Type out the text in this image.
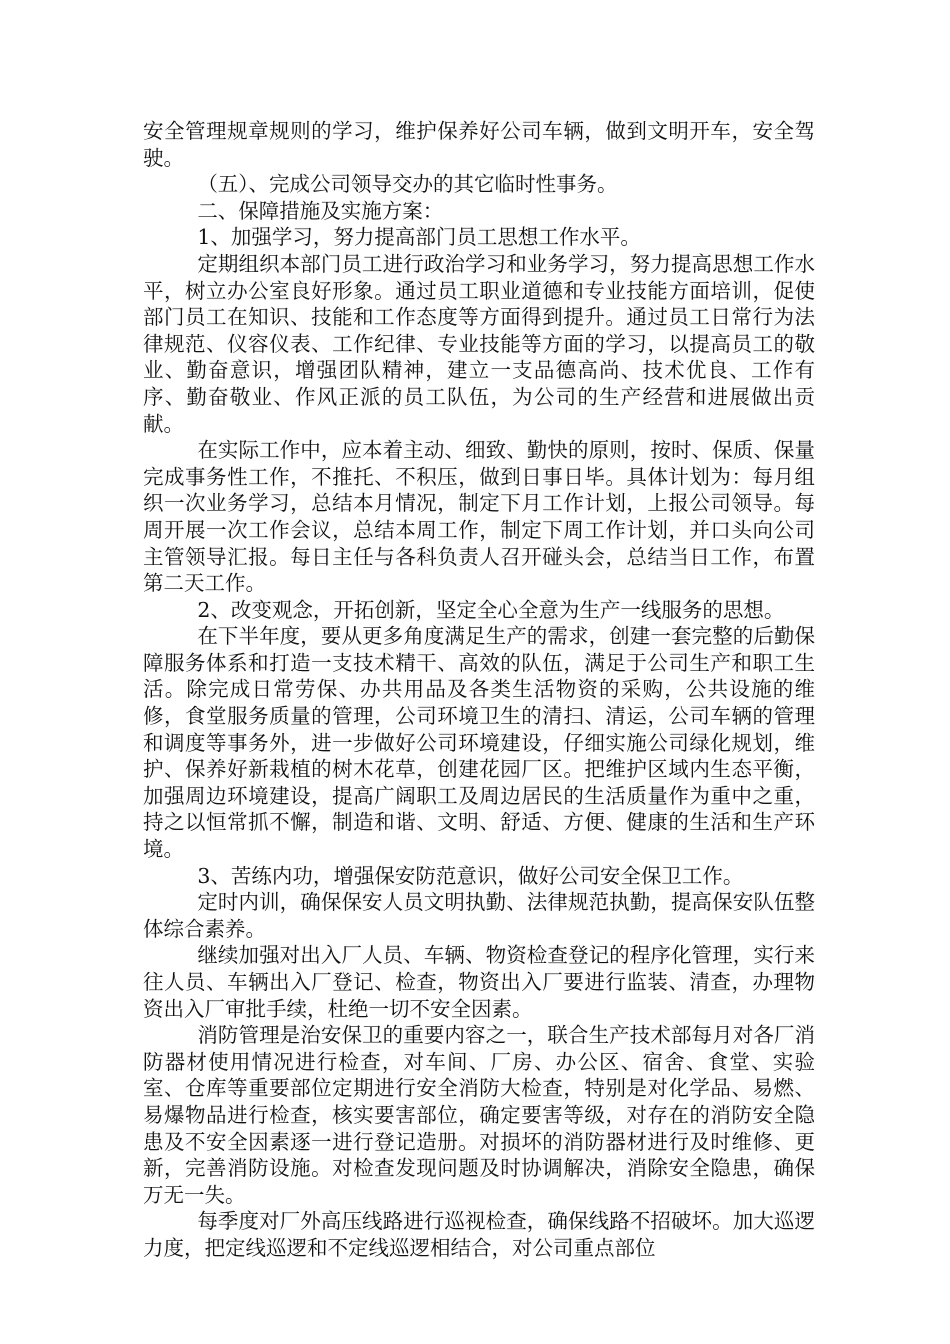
安全管理规章规则的学习，维护保养好公司车辆，做到文明开车，安全驾驶。

（五）、完成公司领导交办的其它临时性事务。

二、保障措施及实施方案：

1、加强学习，努力提高部门员工思想工作水平。

定期组织本部门员工进行政治学习和业务学习，努力提高思想工作水平，树立办公室良好形象。通过员工职业道德和专业技能方面培训，促使部门员工在知识、技能和工作态度等方面得到提升。通过员工日常行为法律规范、仪容仪表、工作纪律、专业技能等方面的学习，以提高员工的敬业、勤奋意识，增强团队精神，建立一支品德高尚、技术优良、工作有序、勤奋敬业、作风正派的员工队伍，为公司的生产经营和进展做出贡献。

在实际工作中，应本着主动、细致、勤快的原则，按时、保质、保量完成事务性工作，不推托、不积压，做到日事日毕。具体计划为：每月组织一次业务学习，总结本月情况，制定下月工作计划，上报公司领导。每周开展一次工作会议，总结本周工作，制定下周工作计划，并口头向公司主管领导汇报。每日主任与各科负责人召开碰头会，总结当日工作，布置第二天工作。

2、改变观念，开拓创新，坚定全心全意为生产一线服务的思想。

在下半年度，要从更多角度满足生产的需求，创建一套完整的后勤保障服务体系和打造一支技术精干、高效的队伍，满足于公司生产和职工生活。除完成日常劳保、办共用品及各类生活物资的采购，公共设施的维修，食堂服务质量的管理，公司环境卫生的清扫、清运，公司车辆的管理和调度等事务外，进一步做好公司环境建设，仔细实施公司绿化规划，维护、保养好新栽植的树木花草，创建花园厂区。把维护区域内生态平衡，加强周边环境建设，提高广阔职工及周边居民的生活质量作为重中之重，持之以恒常抓不懈，制造和谐、文明、舒适、方便、健康的生活和生产环境。

3、苦练内功，增强保安防范意识，做好公司安全保卫工作。

定时内训，确保保安人员文明执勤、法律规范执勤，提高保安队伍整体综合素养。

继续加强对出入厂人员、车辆、物资检查登记的程序化管理，实行来往人员、车辆出入厂登记、检查，物资出入厂要进行监装、清查，办理物资出入厂审批手续，杜绝一切不安全因素。

消防管理是治安保卫的重要内容之一，联合生产技术部每月对各厂消防器材使用情况进行检查，对车间、厂房、办公区、宿舍、食堂、实验室、仓库等重要部位定期进行安全消防大检查，特别是对化学品、易燃、易爆物品进行检查，核实要害部位，确定要害等级，对存在的消防安全隐患及不安全因素逐一进行登记造册。对损坏的消防器材进行及时维修、更新，完善消防设施。对检查发现问题及时协调解决，消除安全隐患，确保万无一失。

每季度对厂外高压线路进行巡视检查，确保线路不招破坏。加大巡逻力度，把定线巡逻和不定线巡逻相结合，对公司重点部位
